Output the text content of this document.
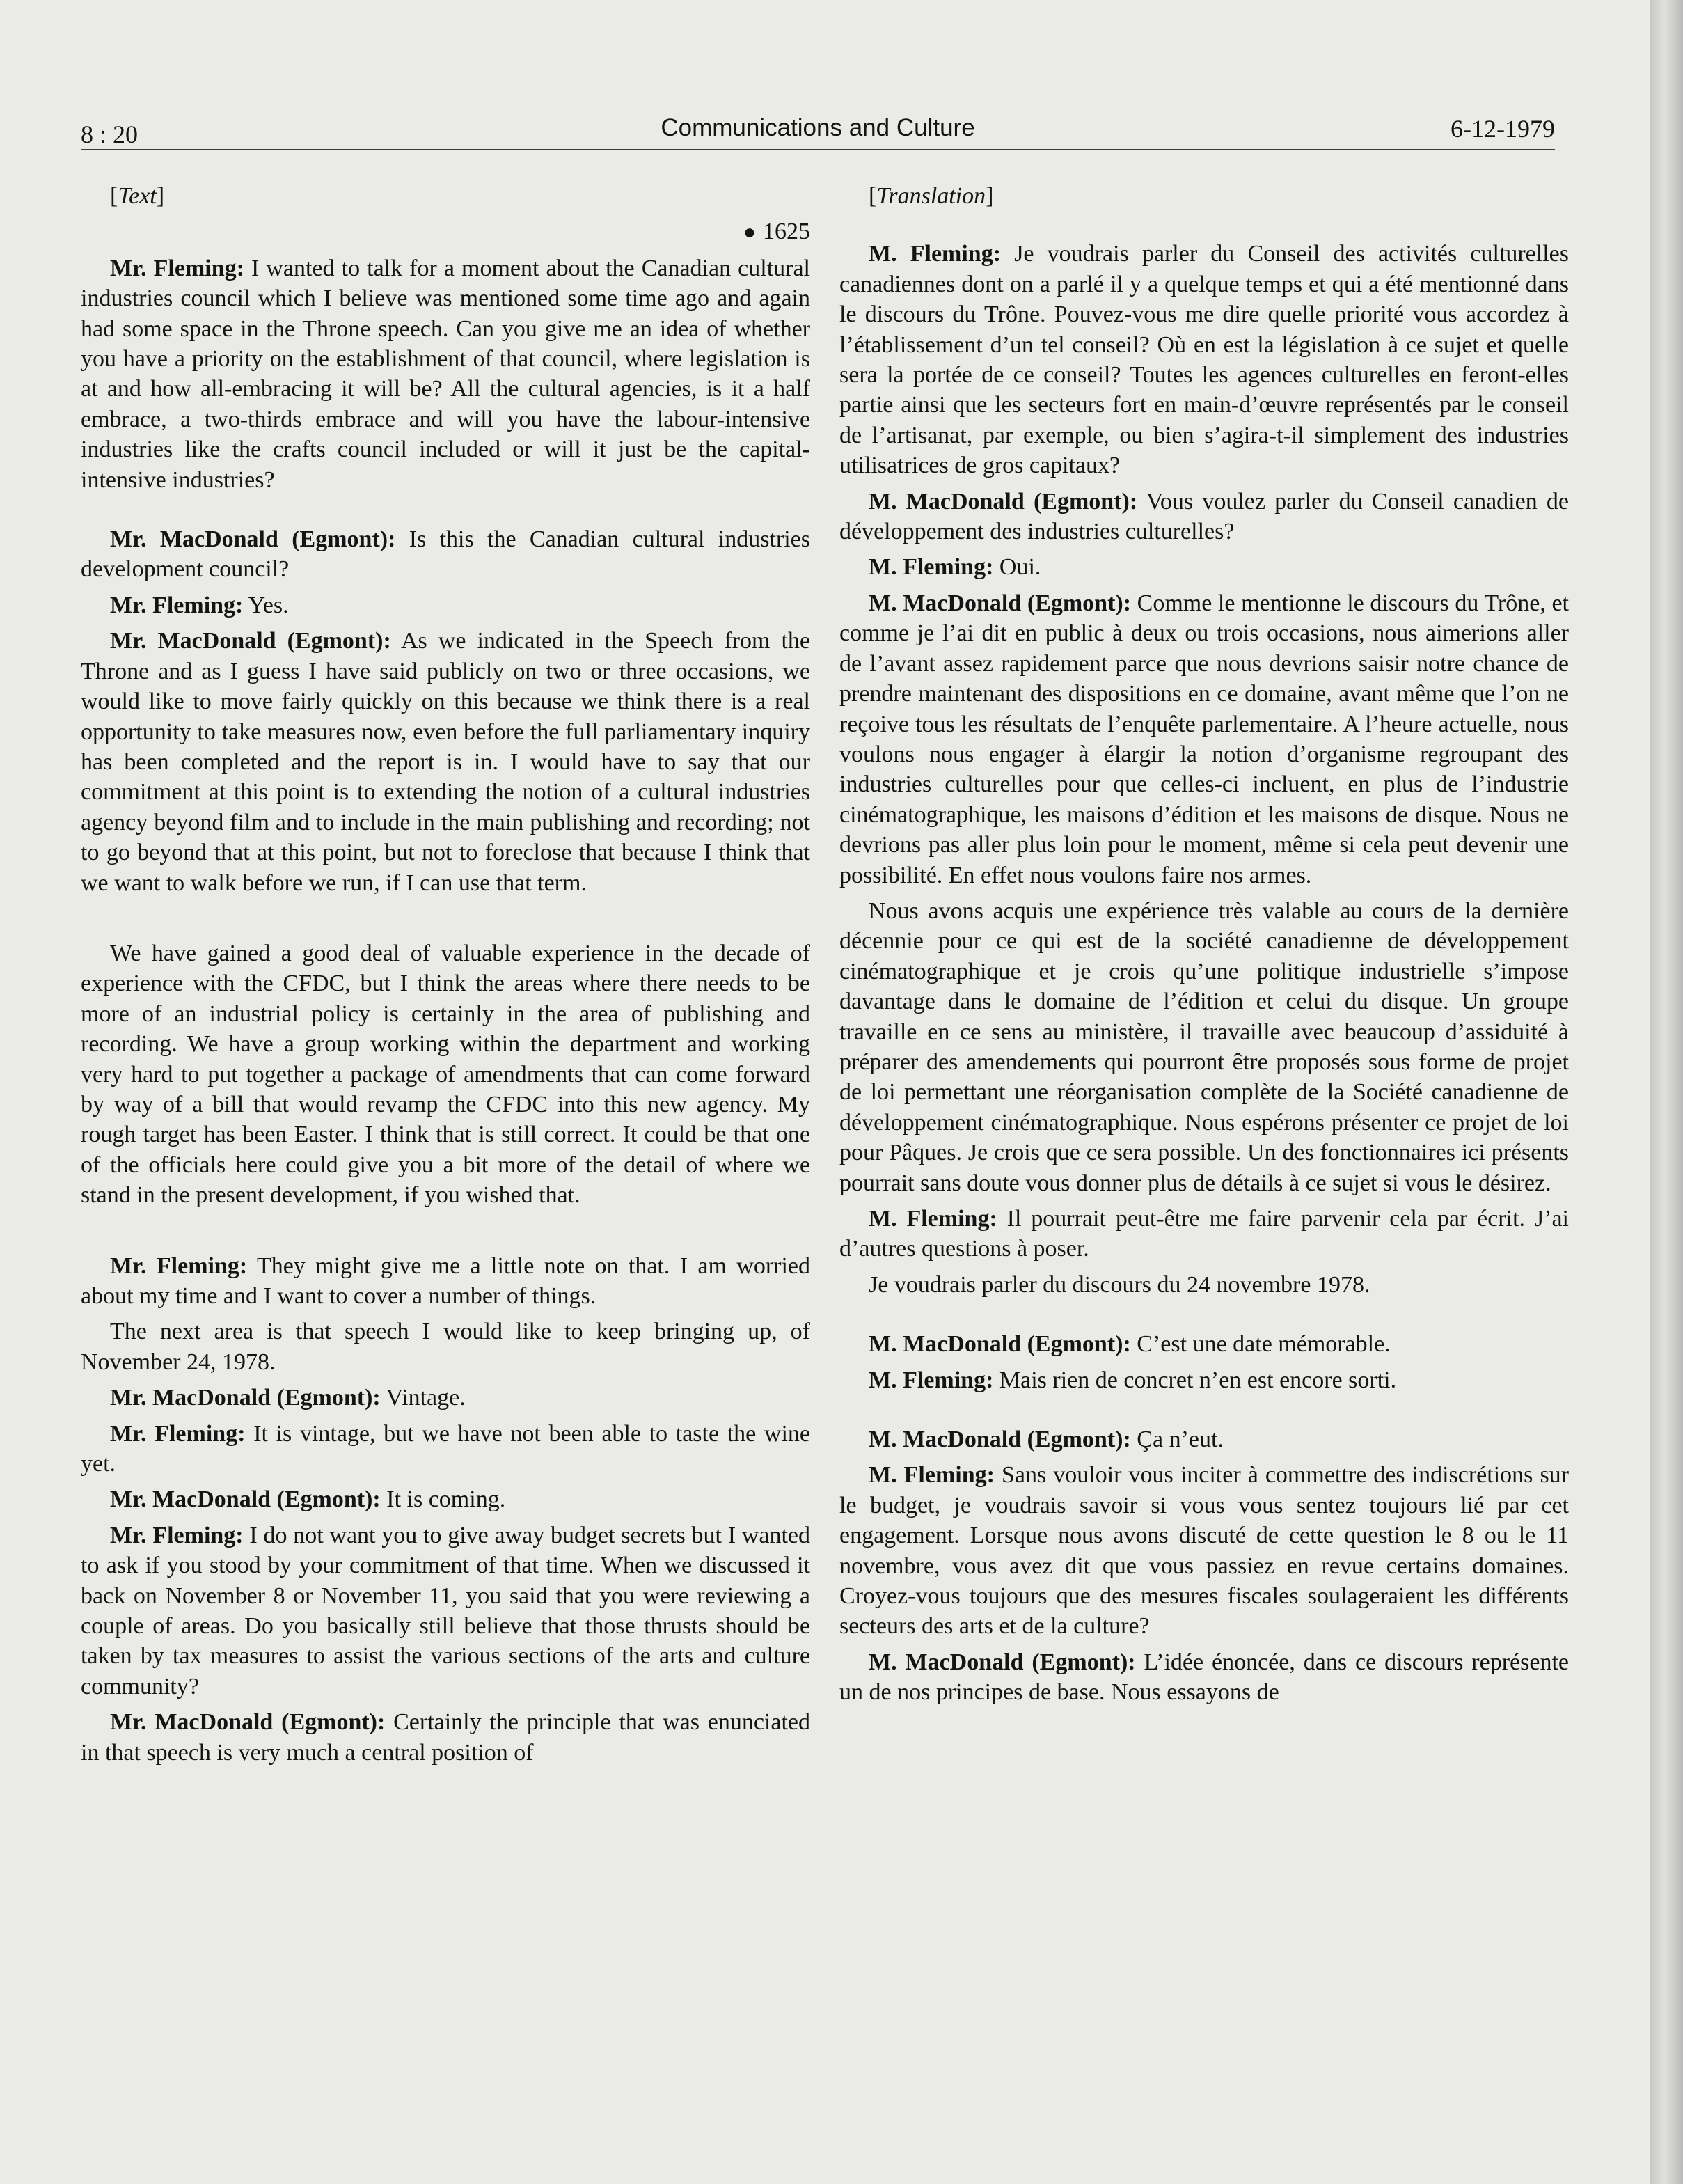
8 : 20	Communications and Culture	6-12-1979

[Text]

● 1625

Mr. Fleming: I wanted to talk for a moment about the Canadian cultural industries council which I believe was mentioned some time ago and again had some space in the Throne speech. Can you give me an idea of whether you have a priority on the establishment of that council, where legislation is at and how all-embracing it will be? All the cultural agencies, is it a half embrace, a two-thirds embrace and will you have the labour-intensive industries like the crafts council included or will it just be the capital-intensive industries?

Mr. MacDonald (Egmont): Is this the Canadian cultural industries development council?

Mr. Fleming: Yes.

Mr. MacDonald (Egmont): As we indicated in the Speech from the Throne and as I guess I have said publicly on two or three occasions, we would like to move fairly quickly on this because we think there is a real opportunity to take measures now, even before the full parliamentary inquiry has been completed and the report is in. I would have to say that our commitment at this point is to extending the notion of a cultural industries agency beyond film and to include in the main publishing and recording; not to go beyond that at this point, but not to foreclose that because I think that we want to walk before we run, if I can use that term.

We have gained a good deal of valuable experience in the decade of experience with the CFDC, but I think the areas where there needs to be more of an industrial policy is certainly in the area of publishing and recording. We have a group working within the department and working very hard to put together a package of amendments that can come forward by way of a bill that would revamp the CFDC into this new agency. My rough target has been Easter. I think that is still correct. It could be that one of the officials here could give you a bit more of the detail of where we stand in the present development, if you wished that.

Mr. Fleming: They might give me a little note on that. I am worried about my time and I want to cover a number of things.

The next area is that speech I would like to keep bringing up, of November 24, 1978.

Mr. MacDonald (Egmont): Vintage.

Mr. Fleming: It is vintage, but we have not been able to taste the wine yet.

Mr. MacDonald (Egmont): It is coming.

Mr. Fleming: I do not want you to give away budget secrets but I wanted to ask if you stood by your commitment of that time. When we discussed it back on November 8 or November 11, you said that you were reviewing a couple of areas. Do you basically still believe that those thrusts should be taken by tax measures to assist the various sections of the arts and culture community?

Mr. MacDonald (Egmont): Certainly the principle that was enunciated in that speech is very much a central position of

[Translation]

M. Fleming: Je voudrais parler du Conseil des activités culturelles canadiennes dont on a parlé il y a quelque temps et qui a été mentionné dans le discours du Trône. Pouvez-vous me dire quelle priorité vous accordez à l’établissement d’un tel conseil? Où en est la législation à ce sujet et quelle sera la portée de ce conseil? Toutes les agences culturelles en feront-elles partie ainsi que les secteurs fort en main-d’œuvre représentés par le conseil de l’artisanat, par exemple, ou bien s’agira-t-il simplement des industries utilisatrices de gros capitaux?

M. MacDonald (Egmont): Vous voulez parler du Conseil canadien de développement des industries culturelles?

M. Fleming: Oui.

M. MacDonald (Egmont): Comme le mentionne le discours du Trône, et comme je l’ai dit en public à deux ou trois occasions, nous aimerions aller de l’avant assez rapidement parce que nous devrions saisir notre chance de prendre maintenant des dispositions en ce domaine, avant même que l’on ne reçoive tous les résultats de l’enquête parlementaire. A l’heure actuelle, nous voulons nous engager à élargir la notion d’organisme regroupant des industries culturelles pour que celles-ci incluent, en plus de l’industrie cinématographique, les maisons d’édition et les maisons de disque. Nous ne devrions pas aller plus loin pour le moment, même si cela peut devenir une possibilité. En effet nous voulons faire nos armes.

Nous avons acquis une expérience très valable au cours de la dernière décennie pour ce qui est de la société canadienne de développement cinématographique et je crois qu’une politique industrielle s’impose davantage dans le domaine de l’édition et celui du disque. Un groupe travaille en ce sens au ministère, il travaille avec beaucoup d’assiduité à préparer des amendements qui pourront être proposés sous forme de projet de loi permettant une réorganisation complète de la Société canadienne de développement cinématographique. Nous espérons présenter ce projet de loi pour Pâques. Je crois que ce sera possible. Un des fonctionnaires ici présents pourrait sans doute vous donner plus de détails à ce sujet si vous le désirez.

M. Fleming: Il pourrait peut-être me faire parvenir cela par écrit. J’ai d’autres questions à poser.

Je voudrais parler du discours du 24 novembre 1978.

M. MacDonald (Egmont): C’est une date mémorable.

M. Fleming: Mais rien de concret n’en est encore sorti.

M. MacDonald (Egmont): Ça n’eut.

M. Fleming: Sans vouloir vous inciter à commettre des indiscrétions sur le budget, je voudrais savoir si vous vous sentez toujours lié par cet engagement. Lorsque nous avons discuté de cette question le 8 ou le 11 novembre, vous avez dit que vous passiez en revue certains domaines. Croyez-vous toujours que des mesures fiscales soulageraient les différents secteurs des arts et de la culture?

M. MacDonald (Egmont): L’idée énoncée, dans ce discours représente un de nos principes de base. Nous essayons de
